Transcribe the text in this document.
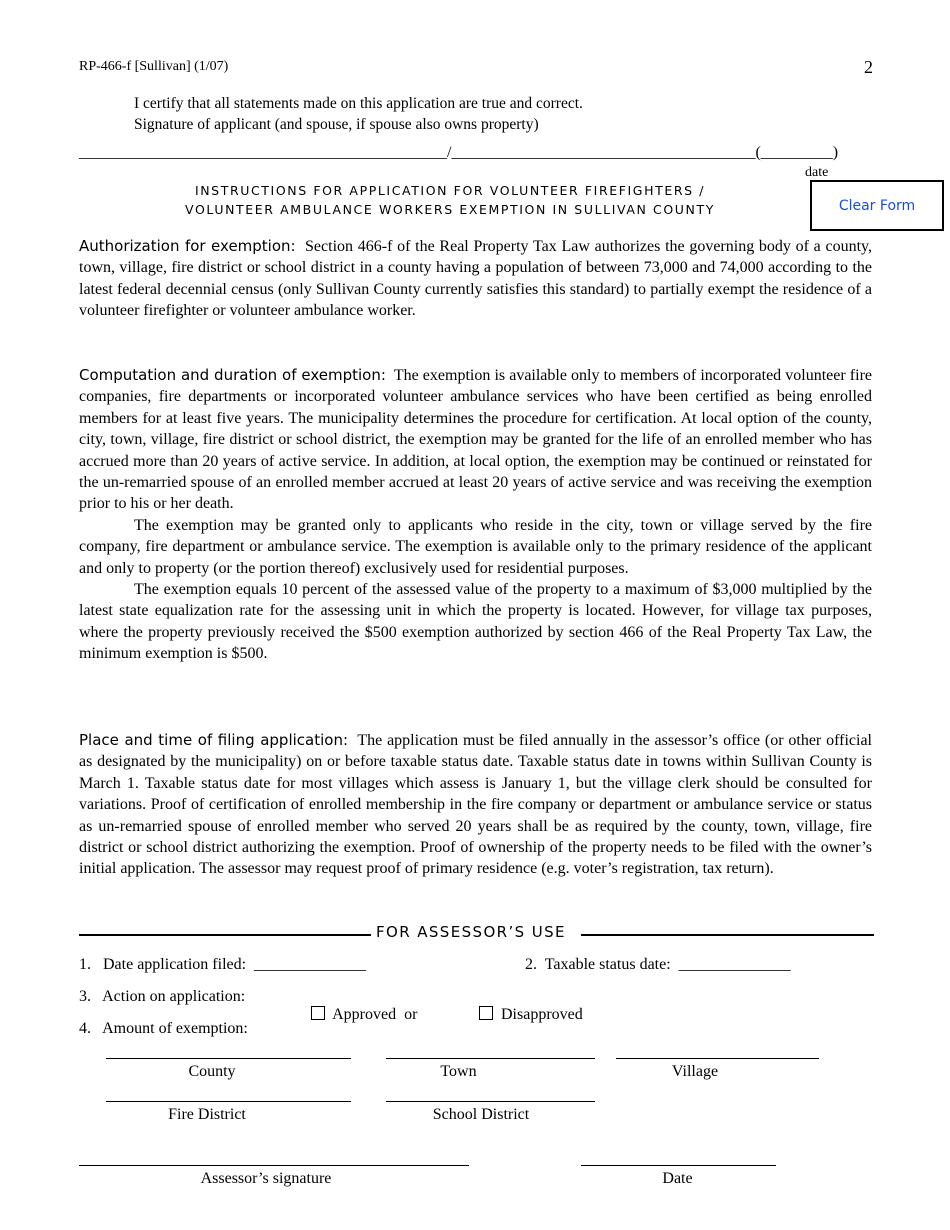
RP-466-f [Sullivan] (1/07)	2
I certify that all statements made on this application are true and correct.
Signature of applicant (and spouse, if spouse also owns property)
______________________________________________/______________________________________(_________)
date
INSTRUCTIONS FOR APPLICATION FOR VOLUNTEER FIREFIGHTERS /
VOLUNTEER AMBULANCE WORKERS EXEMPTION IN SULLIVAN COUNTY	Clear Form

Authorization for exemption: Section 466-f of the Real Property Tax Law authorizes the governing body of a county, town, village, fire district or school district in a county having a population of between 73,000 and 74,000 according to the latest federal decennial census (only Sullivan County currently satisfies this standard) to partially exempt the residence of a volunteer firefighter or volunteer ambulance worker.

Computation and duration of exemption: The exemption is available only to members of incorporated volunteer fire companies, fire departments or incorporated volunteer ambulance services who have been certified as being enrolled members for at least five years. The municipality determines the procedure for certification. At local option of the county, city, town, village, fire district or school district, the exemption may be granted for the life of an enrolled member who has accrued more than 20 years of active service. In addition, at local option, the exemption may be continued or reinstated for the un-remarried spouse of an enrolled member accrued at least 20 years of active service and was receiving the exemption prior to his or her death.

The exemption may be granted only to applicants who reside in the city, town or village served by the fire company, fire department or ambulance service. The exemption is available only to the primary residence of the applicant and only to property (or the portion thereof) exclusively used for residential purposes.

The exemption equals 10 percent of the assessed value of the property to a maximum of $3,000 multiplied by the latest state equalization rate for the assessing unit in which the property is located. However, for village tax purposes, where the property previously received the $500 exemption authorized by section 466 of the Real Property Tax Law, the minimum exemption is $500.

Place and time of filing application: The application must be filed annually in the assessor’s office (or other official as designated by the municipality) on or before taxable status date. Taxable status date in towns within Sullivan County is March 1. Taxable status date for most villages which assess is January 1, but the village clerk should be consulted for variations. Proof of certification of enrolled membership in the fire company or department or ambulance service or status as un-remarried spouse of enrolled member who served 20 years shall be as required by the county, town, village, fire district or school district authorizing the exemption. Proof of ownership of the property needs to be filed with the owner’s initial application. The assessor may request proof of primary residence (e.g. voter’s registration, tax return).

FOR ASSESSOR’S USE
1.   Date application filed:  ______________	2.  Taxable status date:  ______________
3.   Action on application:

Approved  or	Disapproved

4.   Amount of exemption:
County	Town	Village
Fire District	School District
Assessor’s signature	Date
